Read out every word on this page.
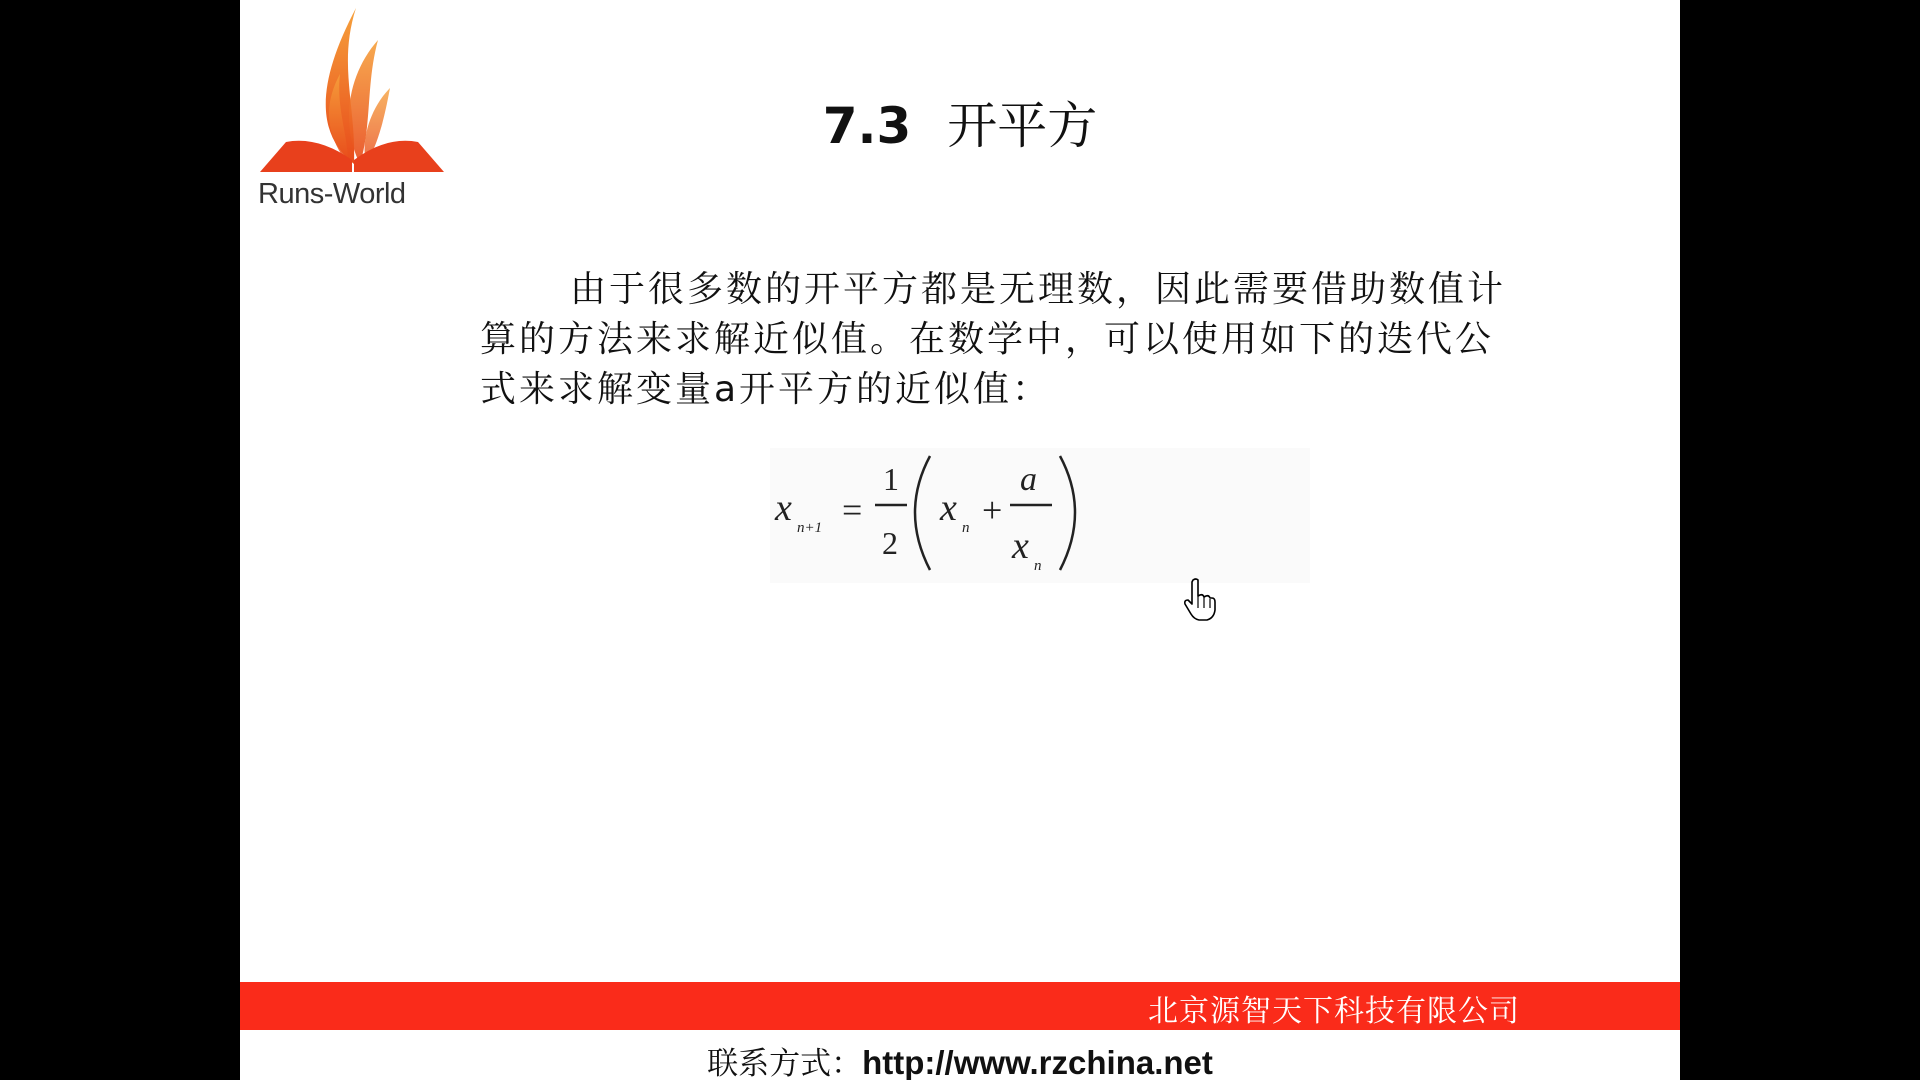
Runs-World
7.3 开平方
由于很多数的开平方都是无理数，因此需要借助数值计算的方法来求解近似值。在数学中，可以使用如下的迭代公式来求解变量a开平方的近似值：
x n+1 =
1
2
x n +
a
x n
北京源智天下科技有限公司
联系方式：http://www.rzchina.net
